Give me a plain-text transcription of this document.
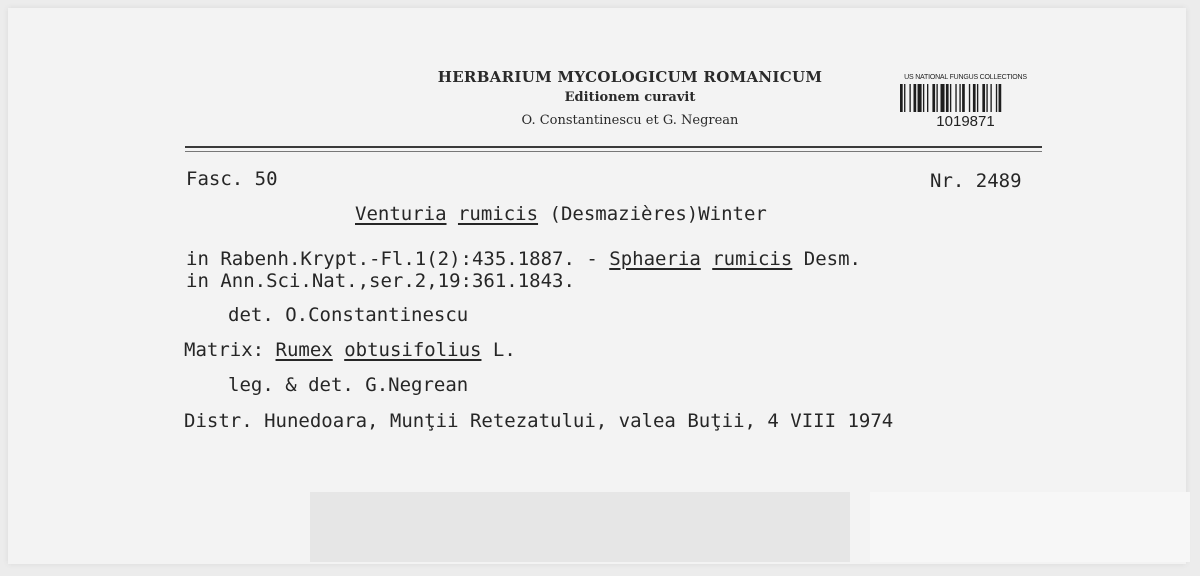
HERBARIUM MYCOLOGICUM ROMANICUM
Editionem curavit
O. Constantinescu et G. Negrean
US NATIONAL FUNGUS COLLECTIONS
1019871
Fasc. 50	Nr. 2489
Venturia rumicis (Desmazières)Winter
in Rabenh.Krypt.-Fl.1(2):435.1887. - Sphaeria rumicis Desm.
in Ann.Sci.Nat.,ser.2,19:361.1843.
det. O.Constantinescu
Matrix: Rumex obtusifolius L.
leg. & det. G.Negrean
Distr. Hunedoara, Munţii Retezatului, valea Buţii, 4 VIII 1974
